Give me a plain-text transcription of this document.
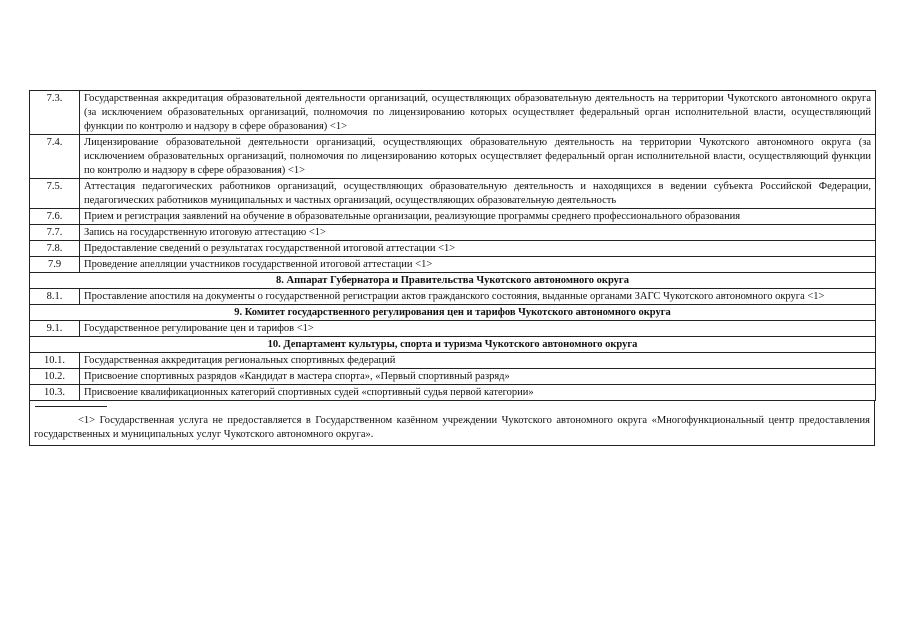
7.3.	Государственная аккредитация образовательной деятельности организаций, осуществляющих образовательную деятельность на территории Чукотского автономного округа (за исключением образовательных организаций, полномочия по лицензированию которых осуществляет федеральный орган исполнительной власти, осуществляющий функции по контролю и надзору в сфере образования) <1>
7.4.	Лицензирование образовательной деятельности организаций, осуществляющих образовательную деятельность на территории Чукотского автономного округа (за исключением образовательных организаций, полномочия по лицензированию которых осуществляет федеральный орган исполнительной власти, осуществляющий функции по контролю и надзору в сфере образования) <1>
7.5.	Аттестация педагогических работников организаций, осуществляющих образовательную деятельность и находящихся в ведении субъекта Российской Федерации, педагогических работников муниципальных и частных организаций, осуществляющих образовательную деятельность
7.6.	Прием и регистрация заявлений на обучение в образовательные организации, реализующие программы среднего профессионального образования
7.7.	Запись на государственную итоговую аттестацию <1>
7.8.	Предоставление сведений о результатах государственной итоговой аттестации <1>
7.9	Проведение апелляции участников государственной итоговой аттестации <1>
8. Аппарат Губернатора и Правительства Чукотского автономного округа	
8.1.	Проставление апостиля на документы о государственной регистрации актов гражданского состояния, выданные органами ЗАГС Чукотского автономного округа <1>
9. Комитет государственного регулирования цен и тарифов Чукотского автономного округа	
9.1.	Государственное регулирование цен и тарифов <1>
10. Департамент культуры, спорта и туризма Чукотского автономного округа	
10.1.	Государственная аккредитация региональных спортивных федераций
10.2.	Присвоение спортивных разрядов «Кандидат в мастера спорта», «Первый спортивный разряд»
10.3.	Присвоение квалификационных категорий спортивных судей «спортивный судья первой категории»
<1> Государственная услуга не предоставляется в Государственном казённом учреждении Чукотского автономного округа «Многофункциональный центр предоставления государственных и муниципальных услуг Чукотского автономного округа».
